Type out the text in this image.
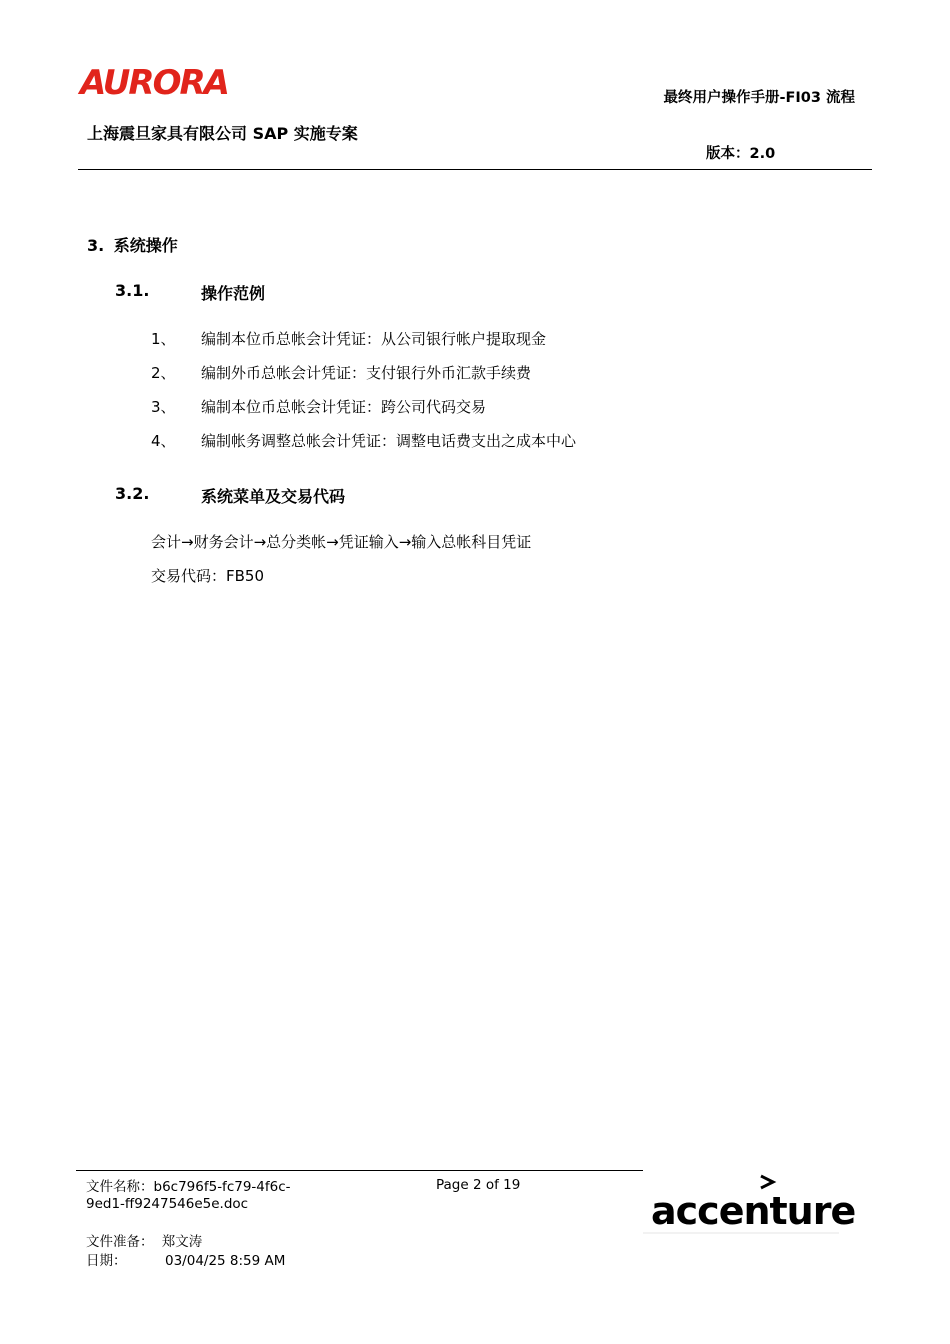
AURORA
上海震旦家具有限公司 SAP 实施专案
最终用户操作手册-FI03 流程
版本：2.0
3. 系统操作
3.1.	操作范例
1、 编制本位币总帐会计凭证：从公司银行帐户提取现金
2、 编制外币总帐会计凭证：支付银行外币汇款手续费
3、 编制本位币总帐会计凭证：跨公司代码交易
4、 编制帐务调整总帐会计凭证：调整电话费支出之成本中心
3.2.	系统菜单及交易代码
会计→财务会计→总分类帐→凭证输入→输入总帐科目凭证
交易代码：FB50
文件名称：b6c796f5-fc79-4f6c-
9ed1-ff9247546e5e.doc
Page 2 of 19
文件准备： 郑文涛
日期：	03/04/25 8:59 AM
accenture
